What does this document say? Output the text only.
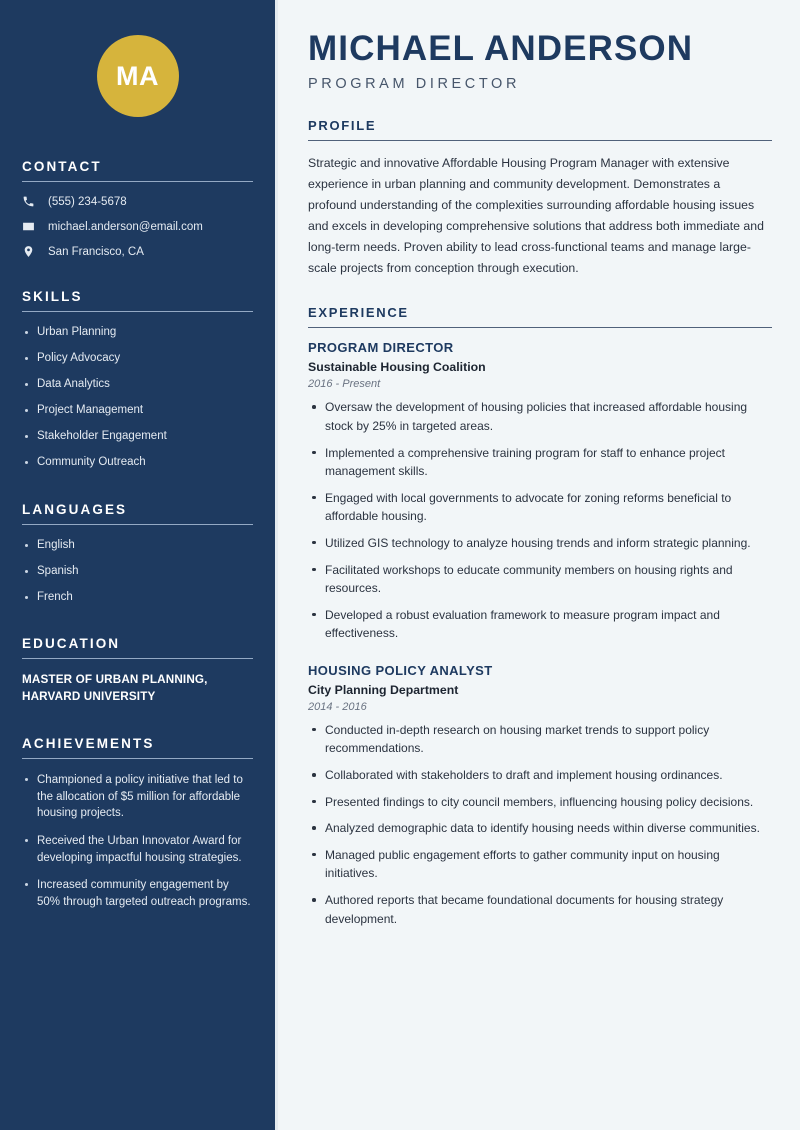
MA
CONTACT
(555) 234-5678
michael.anderson@email.com
San Francisco, CA
SKILLS
Urban Planning
Policy Advocacy
Data Analytics
Project Management
Stakeholder Engagement
Community Outreach
LANGUAGES
English
Spanish
French
EDUCATION
MASTER OF URBAN PLANNING, HARVARD UNIVERSITY
ACHIEVEMENTS
Championed a policy initiative that led to the allocation of $5 million for affordable housing projects.
Received the Urban Innovator Award for developing impactful housing strategies.
Increased community engagement by 50% through targeted outreach programs.
MICHAEL ANDERSON
PROGRAM DIRECTOR
PROFILE

Strategic and innovative Affordable Housing Program Manager with extensive experience in urban planning and community development. Demonstrates a profound understanding of the complexities surrounding affordable housing issues and excels in developing comprehensive solutions that address both immediate and long-term needs. Proven ability to lead cross-functional teams and manage large-scale projects from conception through execution.

EXPERIENCE
PROGRAM DIRECTOR
Sustainable Housing Coalition
2016 - Present
Oversaw the development of housing policies that increased affordable housing stock by 25% in targeted areas.
Implemented a comprehensive training program for staff to enhance project management skills.
Engaged with local governments to advocate for zoning reforms beneficial to affordable housing.
Utilized GIS technology to analyze housing trends and inform strategic planning.
Facilitated workshops to educate community members on housing rights and resources.
Developed a robust evaluation framework to measure program impact and effectiveness.
HOUSING POLICY ANALYST
City Planning Department
2014 - 2016
Conducted in-depth research on housing market trends to support policy recommendations.
Collaborated with stakeholders to draft and implement housing ordinances.
Presented findings to city council members, influencing housing policy decisions.
Analyzed demographic data to identify housing needs within diverse communities.
Managed public engagement efforts to gather community input on housing initiatives.
Authored reports that became foundational documents for housing strategy development.
